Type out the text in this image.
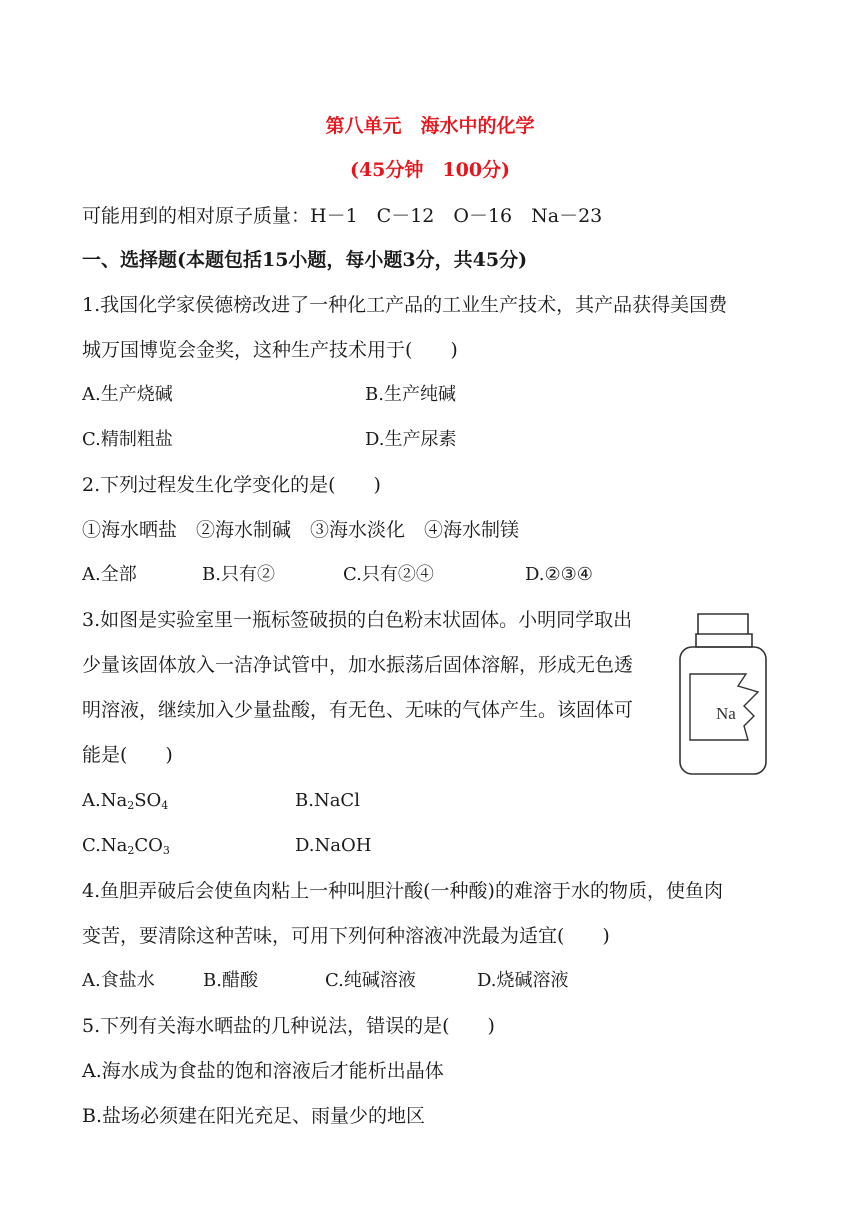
第八单元　海水中的化学
(45分钟　100分)
可能用到的相对原子质量：H－1　C－12　O－16　Na－23
一、选择题(本题包括15小题，每小题3分，共45分)
1.我国化学家侯德榜改进了一种化工产品的工业生产技术，其产品获得美国费
城万国博览会金奖，这种生产技术用于(　　)
A.生产烧碱	B.生产纯碱
C.精制粗盐	D.生产尿素
2.下列过程发生化学变化的是(　　)
①海水晒盐　②海水制碱　③海水淡化　④海水制镁
A.全部	B.只有②	C.只有②④	D.②③④
3.如图是实验室里一瓶标签破损的白色粉末状固体。小明同学取出
少量该固体放入一洁净试管中，加水振荡后固体溶解，形成无色透
明溶液，继续加入少量盐酸，有无色、无味的气体产生。该固体可
能是(　　)
Na
$A.Na_2SO_4$	B.NaCl
$C.Na_2CO_3$	D.NaOH
4.鱼胆弄破后会使鱼肉粘上一种叫胆汁酸(一种酸)的难溶于水的物质，使鱼肉
变苦，要清除这种苦味，可用下列何种溶液冲洗最为适宜(　　)
A.食盐水	B.醋酸	C.纯碱溶液	D.烧碱溶液
5.下列有关海水晒盐的几种说法，错误的是(　　)
A.海水成为食盐的饱和溶液后才能析出晶体
B.盐场必须建在阳光充足、雨量少的地区
